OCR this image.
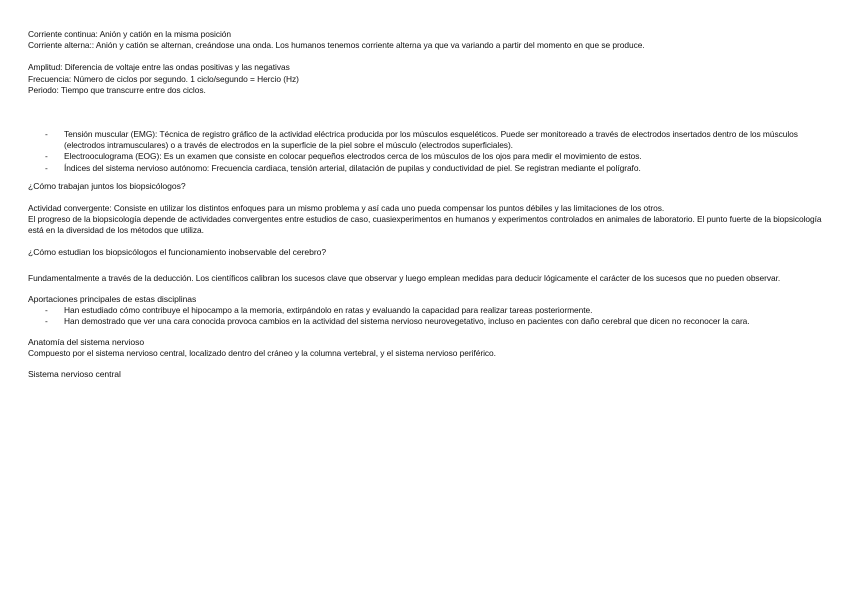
Corriente continua: Anión y catión en la misma posición
Corriente alterna:: Anión y catión se alternan, creándose una onda. Los humanos tenemos corriente alterna ya que va variando a partir del momento en que se produce.
Amplitud: Diferencia de voltaje entre las ondas positivas y las negativas
Frecuencia: Número de ciclos por segundo. 1 ciclo/segundo = Hercio (Hz)
Periodo: Tiempo que transcurre entre dos ciclos.
- Tensión muscular (EMG): Técnica de registro gráfico de la actividad eléctrica producida por los músculos esqueléticos. Puede ser monitoreado a través de electrodos insertados dentro de los músculos (electrodos intramusculares) o a través de electrodos en la superficie de la piel sobre el músculo (electrodos superficiales).
- Electrooculograma (EOG): Es un examen que consiste en colocar pequeños electrodos cerca de los músculos de los ojos para medir el movimiento de estos.
- Índices del sistema nervioso autónomo: Frecuencia cardiaca, tensión arterial, dilatación de pupilas y conductividad de piel. Se registran mediante el polígrafo.
¿Cómo trabajan juntos los biopsicólogos?
Actividad convergente: Consiste en utilizar los distintos enfoques para un mismo problema y así cada uno pueda compensar los puntos débiles y las limitaciones de los otros.
El progreso de la biopsicología depende de actividades convergentes entre estudios de caso, cuasiexperimentos en humanos y experimentos controlados en animales de laboratorio. El punto fuerte de la biopsicología está en la diversidad de los métodos que utiliza.
¿Cómo estudian los biopsicólogos el funcionamiento inobservable del cerebro?
Fundamentalmente a través de la deducción. Los científicos calibran los sucesos clave que observar y luego emplean medidas para deducir lógicamente el carácter de los sucesos que no pueden observar.
Aportaciones principales de estas disciplinas
- Han estudiado cómo contribuye el hipocampo a la memoria, extirpándolo en ratas y evaluando la capacidad para realizar tareas posteriormente.
- Han demostrado que ver una cara conocida provoca cambios en la actividad del sistema nervioso neurovegetativo, incluso en pacientes con daño cerebral que dicen no reconocer la cara.
Anatomía del sistema nervioso
Compuesto por el sistema nervioso central, localizado dentro del cráneo y la columna vertebral, y el sistema nervioso periférico.
Sistema nervioso central
